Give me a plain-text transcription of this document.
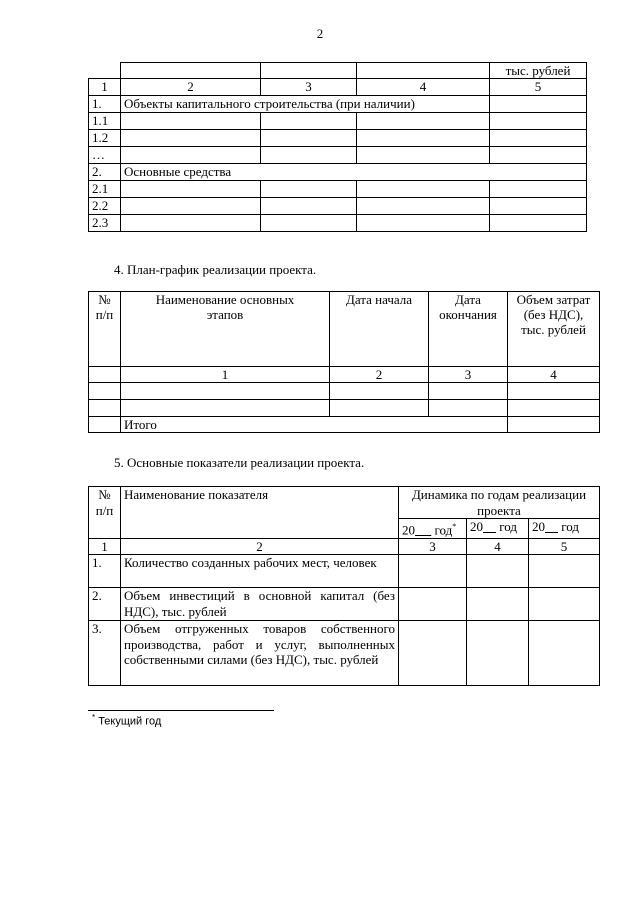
2
				тыс. рублей
1	2	3	4	5
1.	Объекты капитального строительства (при наличии)			
1.1				
1.2				
…				
2.	Основные средства			
2.1				
2.2				
2.3				
4. План-график реализации проекта.
№ п/п	Наименование основных этапов	Дата начала	Дата окончания	Объем затрат (без НДС), тыс. рублей
	1	2	3	4

	Итого			
5. Основные показатели реализации проекта.
№ п/п	Наименование показателя	Динамика по годам реализации проекта		
		20 год*	20 год	20 год
1	2	3	4	5
1.	Количество созданных рабочих мест, человек			
2.	Объем инвестиций в основной капитал (без НДС), тыс. рублей			
3.	Объем отгруженных товаров собственного производства, работ и услуг, выполненных собственными силами (без НДС), тыс. рублей			
* Текущий год
